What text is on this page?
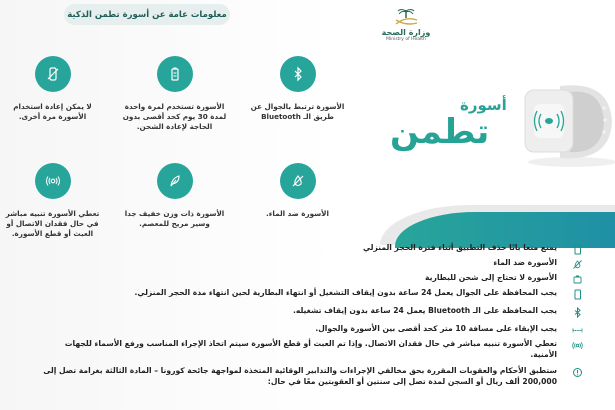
معلومات عامة عن أسورة تطمن الذكية
وزارة الصحة
Ministry of Health
الأسورة ترتبط بالجوال عن طريق الـ Bluetooth
الأسورة تستخدم لمرة واحدة لمدة 30 يوم كحد أقصى بدون الحاجة لإعادة الشحن.
لا يمكن إعادة استخدام الأسورة مرة أخرى.
الأسورة ضد الماء.
الأسورة ذات وزن خفيف جدا وسير مريح للمعصم.
تعطي الأسورة تنبيه مباشر في حال فقدان الاتصال أو العبث أو قطع الأسورة.
أسورة
تطمن
يمنع منعا باتًا حذف التطبيق أثناء فترة الحجر المنزلي
الأسورة ضد الماء
الأسورة لا تحتاج إلى شحن للبطارية
يجب المحافظة على الجوال يعمل 24 ساعة بدون إيقاف التشغيل أو انتهاء البطارية لحين انتهاء مدة الحجر المنزلي.
يجب المحافظة على الـ Bluetooth يعمل 24 ساعة بدون إيقاف تشغيله.
يجب الإبقاء على مسافة 10 متر كحد أقصى بين الأسورة والجوال.
تعطي الأسورة تنبيه مباشر في حال فقدان الاتصال. وإذا تم العبث أو قطع الأسورة سيتم اتخاذ الإجراء المناسب ورفع الأسماء للجهات الأمنية.
ستطبق الأحكام والعقوبات المقررة بحق مخالفي الإجراءات والتدابير الوقائية المتخذة لمواجهة جائحة كورونا – المادة الثالثة بغرامة تصل إلى 200,000 ألف ريال أو السجن لمدة تصل إلى سنتين أو العقوبتين معًا في حال:
